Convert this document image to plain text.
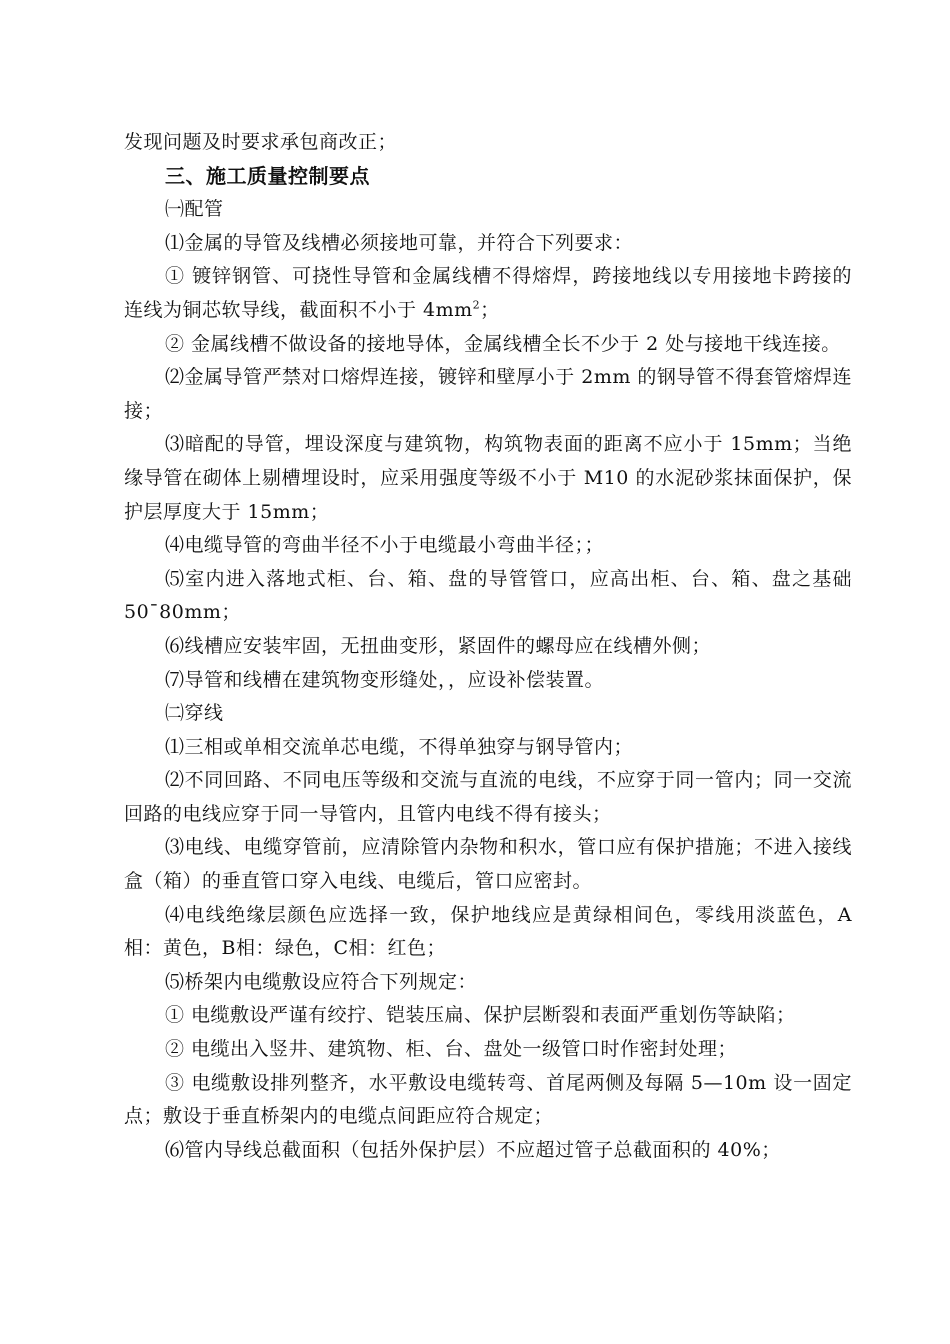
发现问题及时要求承包商改正；

三、施工质量控制要点

㈠配管

⑴金属的导管及线槽必须接地可靠，并符合下列要求：

① 镀锌钢管、可挠性导管和金属线槽不得熔焊，跨接地线以专用接地卡跨接的连线为铜芯软导线，截面积不小于 $4mm^2$；

② 金属线槽不做设备的接地导体，金属线槽全长不少于 2 处与接地干线连接。

⑵金属导管严禁对口熔焊连接，镀锌和壁厚小于 2mm 的钢导管不得套管熔焊连接；

⑶暗配的导管，埋设深度与建筑物，构筑物表面的距离不应小于 15mm；当绝缘导管在砌体上剔槽埋设时，应采用强度等级不小于 M10 的水泥砂浆抹面保护，保护层厚度大于 15mm；

⑷电缆导管的弯曲半径不小于电缆最小弯曲半径；；

⑸室内进入落地式柜、台、箱、盘的导管管口，应高出柜、台、箱、盘之基础 50¯80mm；

⑹线槽应安装牢固，无扭曲变形，紧固件的螺母应在线槽外侧；

⑺导管和线槽在建筑物变形缝处，，应设补偿装置。

㈡穿线

⑴三相或单相交流单芯电缆，不得单独穿与钢导管内；

⑵不同回路、不同电压等级和交流与直流的电线，不应穿于同一管内；同一交流回路的电线应穿于同一导管内，且管内电线不得有接头；

⑶电线、电缆穿管前，应清除管内杂物和积水，管口应有保护措施；不进入接线盒（箱）的垂直管口穿入电线、电缆后，管口应密封。

⑷电线绝缘层颜色应选择一致，保护地线应是黄绿相间色，零线用淡蓝色，A相：黄色，B相：绿色，C相：红色；

⑸桥架内电缆敷设应符合下列规定：

① 电缆敷设严谨有绞拧、铠装压扁、保护层断裂和表面严重划伤等缺陷；

② 电缆出入竖井、建筑物、柜、台、盘处一级管口时作密封处理；

③ 电缆敷设排列整齐，水平敷设电缆转弯、首尾两侧及每隔 5—10m 设一固定点；敷设于垂直桥架内的电缆点间距应符合规定；

⑹管内导线总截面积（包括外保护层）不应超过管子总截面积的 40%；
